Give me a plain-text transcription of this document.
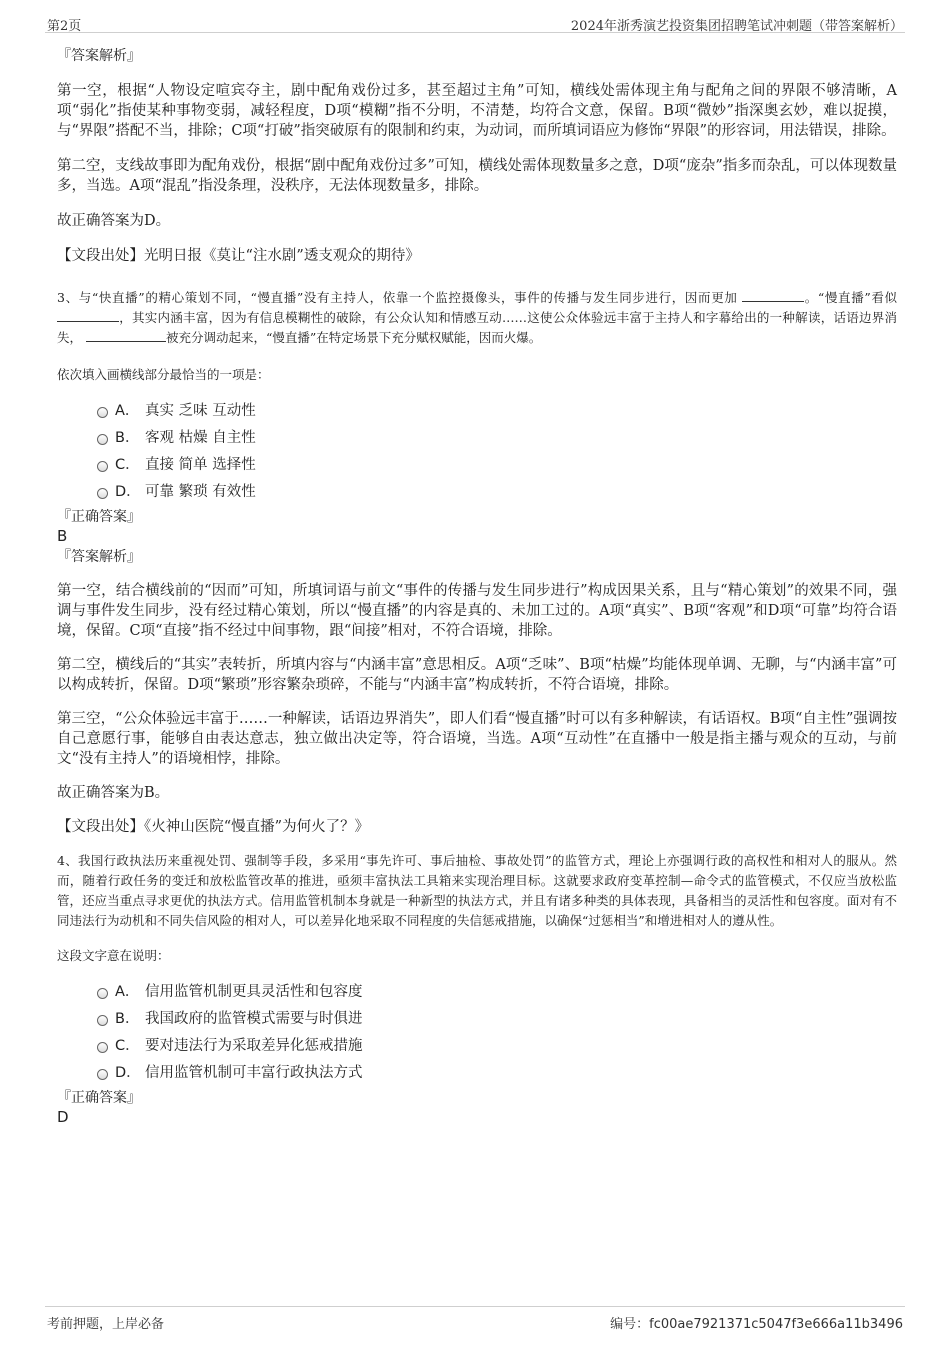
第2页	2024年浙秀演艺投资集团招聘笔试冲刺题（带答案解析）

『答案解析』

第一空，根据“人物设定喧宾夺主，剧中配角戏份过多，甚至超过主角”可知，横线处需体现主角与配角之间的界限不够清晰，A项“弱化”指使某种事物变弱，减轻程度，D项“模糊”指不分明，不清楚，均符合文意，保留。B项“微妙”指深奥玄妙，难以捉摸，与“界限”搭配不当，排除；C项“打破”指突破原有的限制和约束，为动词，而所填词语应为修饰“界限”的形容词，用法错误，排除。

第二空，支线故事即为配角戏份，根据“剧中配角戏份过多”可知，横线处需体现数量多之意，D项“庞杂”指多而杂乱，可以体现数量多，当选。A项“混乱”指没条理，没秩序，无法体现数量多，排除。

故正确答案为D。

【文段出处】光明日报《莫让“注水剧”透支观众的期待》

3、与“快直播”的精心策划不同，“慢直播”没有主持人，依靠一个监控摄像头，事件的传播与发生同步进行，因而更加	。“慢直播”看似，其实内涵丰富，因为有信息模糊性的破除，有公众认知和情感互动……这使公众体验远丰富于主持人和字幕给出的一种解读，话语边界消失，	被充分调动起来，“慢直播”在特定场景下充分赋权赋能，因而火爆。

依次填入画横线部分最恰当的一项是：

A． 真实 乏味 互动性
B． 客观 枯燥 自主性
C． 直接 简单 选择性
D． 可靠 繁琐 有效性

『正确答案』

B

『答案解析』

第一空，结合横线前的“因而”可知，所填词语与前文“事件的传播与发生同步进行”构成因果关系，且与“精心策划”的效果不同，强调与事件发生同步，没有经过精心策划，所以“慢直播”的内容是真的、未加工过的。A项“真实”、B项“客观”和D项“可靠”均符合语境，保留。C项“直接”指不经过中间事物，跟“间接”相对，不符合语境，排除。

第二空，横线后的“其实”表转折，所填内容与“内涵丰富”意思相反。A项“乏味”、B项“枯燥”均能体现单调、无聊，与“内涵丰富”可以构成转折，保留。D项“繁琐”形容繁杂琐碎，不能与“内涵丰富”构成转折，不符合语境，排除。

第三空，“公众体验远丰富于……一种解读，话语边界消失”，即人们看“慢直播”时可以有多种解读，有话语权。B项“自主性”强调按自己意愿行事，能够自由表达意志，独立做出决定等，符合语境，当选。A项“互动性”在直播中一般是指主播与观众的互动，与前文“没有主持人”的语境相悖，排除。

故正确答案为B。

【文段出处】《火神山医院“慢直播”为何火了？》

4、我国行政执法历来重视处罚、强制等手段，多采用“事先许可、事后抽检、事故处罚”的监管方式，理论上亦强调行政的高权性和相对人的服从。然而，随着行政任务的变迁和放松监管改革的推进，亟须丰富执法工具箱来实现治理目标。这就要求政府变革控制—命令式的监管模式，不仅应当放松监管，还应当重点寻求更优的执法方式。信用监管机制本身就是一种新型的执法方式，并且有诸多种类的具体表现，具备相当的灵活性和包容度。面对有不同违法行为动机和不同失信风险的相对人，可以差异化地采取不同程度的失信惩戒措施，以确保“过惩相当”和增进相对人的遵从性。

这段文字意在说明：

A． 信用监管机制更具灵活性和包容度
B． 我国政府的监管模式需要与时俱进
C． 要对违法行为采取差异化惩戒措施
D． 信用监管机制可丰富行政执法方式

『正确答案』

D

考前押题，上岸必备	编号：fc00ae7921371c5047f3e666a11b3496
